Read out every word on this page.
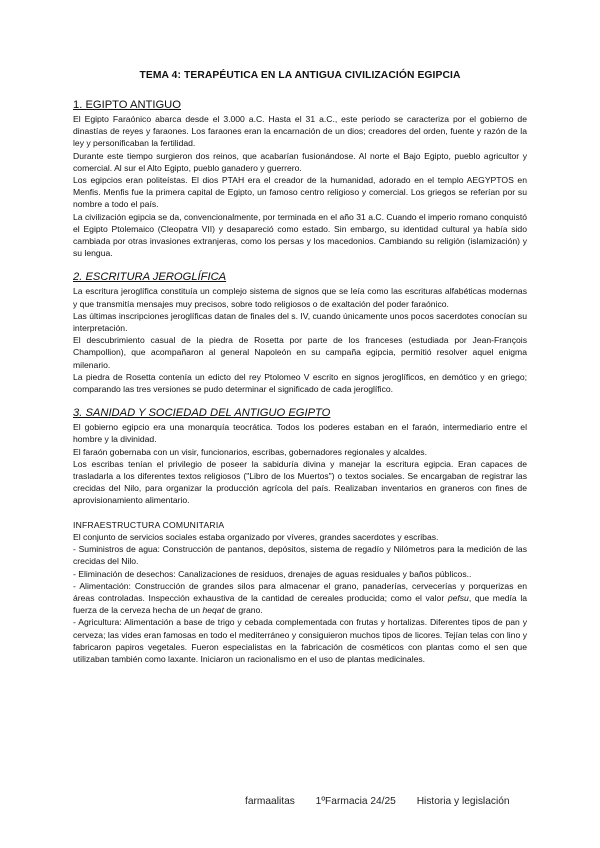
TEMA 4: TERAPÉUTICA EN LA ANTIGUA CIVILIZACIÓN EGIPCIA
1. EGIPTO ANTIGUO

El Egipto Faraónico abarca desde el 3.000 a.C. Hasta el 31 a.C., este periodo se caracteriza por el gobierno de dinastías de reyes y faraones. Los faraones eran la encarnación de un dios; creadores del orden, fuente y razón de la ley y personificaban la fertilidad.

Durante este tiempo surgieron dos reinos, que acabarían fusionándose. Al norte el Bajo Egipto, pueblo agricultor y comercial. Al sur el Alto Egipto, pueblo ganadero y guerrero.

Los egipcios eran politeístas. El dios PTAH era el creador de la humanidad, adorado en el templo AEGYPTOS en Menfis. Menfis fue la primera capital de Egipto, un famoso centro religioso y comercial. Los griegos se referían por su nombre a todo el país.

La civilización egipcia se da, convencionalmente, por terminada en el año 31 a.C. Cuando el imperio romano conquistó el Egipto Ptolemaico (Cleopatra VII) y desapareció como estado. Sin embargo, su identidad cultural ya había sido cambiada por otras invasiones extranjeras, como los persas y los macedonios. Cambiando su religión (islamización) y su lengua.

2. ESCRITURA JEROGLÍFICA

La escritura jeroglífica constituía un complejo sistema de signos que se leía como las escrituras alfabéticas modernas y que transmitía mensajes muy precisos, sobre todo religiosos o de exaltación del poder faraónico.

Las últimas inscripciones jeroglíficas datan de finales del s. IV, cuando únicamente unos pocos sacerdotes conocían su interpretación.

El descubrimiento casual de la piedra de Rosetta por parte de los franceses (estudiada por Jean-François Champollion), que acompañaron al general Napoleón en su campaña egipcia, permitió resolver aquel enigma milenario.

La piedra de Rosetta contenía un edicto del rey Ptolomeo V escrito en signos jeroglíficos, en demótico y en griego; comparando las tres versiones se pudo determinar el significado de cada jeroglífico.

3. SANIDAD Y SOCIEDAD DEL ANTIGUO EGIPTO

El gobierno egipcio era una monarquía teocrática. Todos los poderes estaban en el faraón, intermediario entre el hombre y la divinidad.

El faraón gobernaba con un visir, funcionarios, escribas, gobernadores regionales y alcaldes.

Los escribas tenían el privilegio de poseer la sabiduría divina y manejar la escritura egipcia. Eran capaces de trasladarla a los diferentes textos religiosos ("Libro de los Muertos") o textos sociales. Se encargaban de registrar las crecidas del Nilo, para organizar la producción agrícola del país. Realizaban inventarios en graneros con fines de aprovisionamiento alimentario.

INFRAESTRUCTURA COMUNITARIA

El conjunto de servicios sociales estaba organizado por víveres, grandes sacerdotes y escribas.

- Suministros de agua: Construcción de pantanos, depósitos, sistema de regadío y Nilómetros para la medición de las crecidas del Nilo.

- Eliminación de desechos: Canalizaciones de residuos, drenajes de aguas residuales y baños públicos..

- Alimentación: Construcción de grandes silos para almacenar el grano, panaderías, cervecerías y porquerizas en áreas controladas. Inspección exhaustiva de la cantidad de cereales producida; como el valor pefsu, que medía la fuerza de la cerveza hecha de un heqat de grano.

- Agricultura: Alimentación a base de trigo y cebada complementada con frutas y hortalizas. Diferentes tipos de pan y cerveza; las vides eran famosas en todo el mediterráneo y consiguieron muchos tipos de licores. Tejían telas con lino y fabricaron papiros vegetales. Fueron especialistas en la fabricación de cosméticos con plantas como el sen que utilizaban también como laxante. Iniciaron un racionalismo en el uso de plantas medicinales.

farmaalitas 1ºFarmacia 24/25 Historia y legislación
